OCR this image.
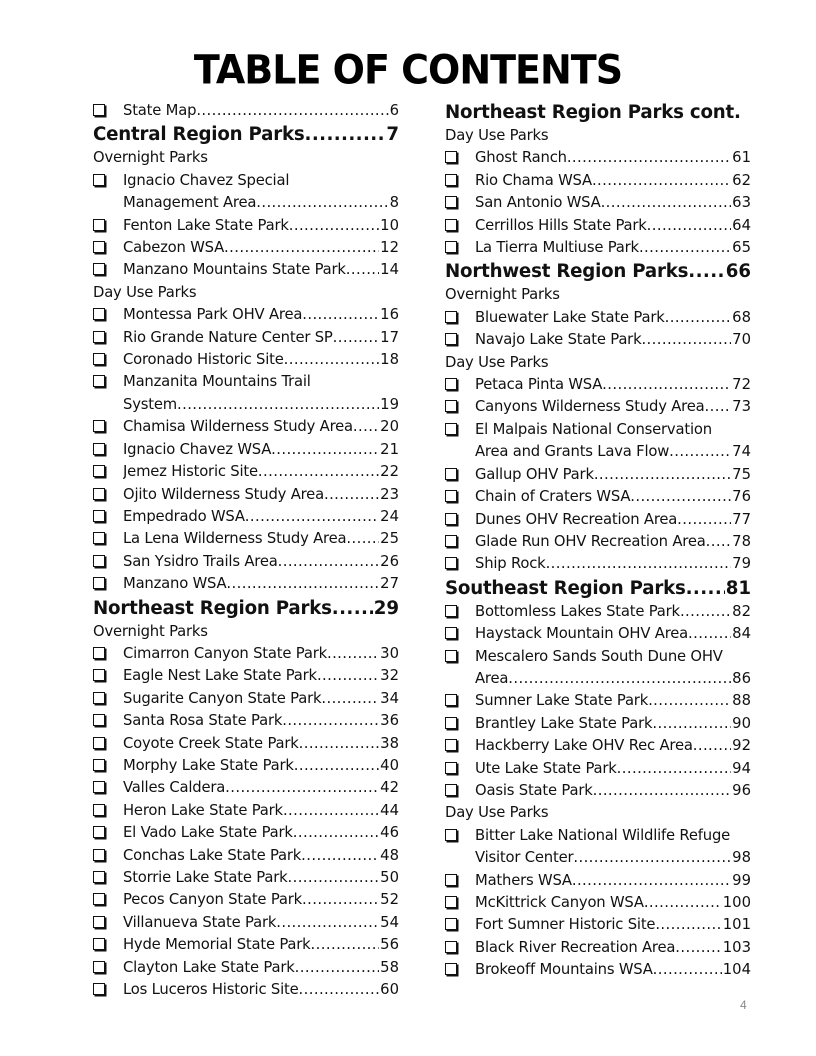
TABLE OF CONTENTS
State Map .....	6
Central Region Parks .....	7
Overnight Parks
Ignacio Chavez Special
Management Area .....	8
Fenton Lake State Park .....	10
Cabezon WSA .....	12
Manzano Mountains State Park .....	14
Day Use Parks
Montessa Park OHV Area .....	16
Rio Grande Nature Center SP .....	17
Coronado Historic Site .....	18
Manzanita Mountains Trail
System .....	19
Chamisa Wilderness Study Area .....	20
Ignacio Chavez WSA .....	21
Jemez Historic Site .....	22
Ojito Wilderness Study Area .....	23
Empedrado WSA .....	24
La Lena Wilderness Study Area .....	25
San Ysidro Trails Area .....	26
Manzano WSA .....	27
Northeast Region Parks .....	29
Overnight Parks
Cimarron Canyon State Park .....	30
Eagle Nest Lake State Park .....	32
Sugarite Canyon State Park .....	34
Santa Rosa State Park .....	36
Coyote Creek State Park .....	38
Morphy Lake State Park .....	40
Valles Caldera .....	42
Heron Lake State Park .....	44
El Vado Lake State Park .....	46
Conchas Lake State Park .....	48
Storrie Lake State Park .....	50
Pecos Canyon State Park .....	52
Villanueva State Park .....	54
Hyde Memorial State Park .....	56
Clayton Lake State Park .....	58
Los Luceros Historic Site .....	60
Northeast Region Parks cont.
Day Use Parks
Ghost Ranch .....	61
Rio Chama WSA .....	62
San Antonio WSA .....	63
Cerrillos Hills State Park .....	64
La Tierra Multiuse Park .....	65
Northwest Region Parks .....	66
Overnight Parks
Bluewater Lake State Park .....	68
Navajo Lake State Park .....	70
Day Use Parks
Petaca Pinta WSA .....	72
Canyons Wilderness Study Area .....	73
El Malpais National Conservation
Area and Grants Lava Flow .....	74
Gallup OHV Park .....	75
Chain of Craters WSA .....	76
Dunes OHV Recreation Area .....	77
Glade Run OHV Recreation Area .....	78
Ship Rock .....	79
Southeast Region Parks .....	81
Bottomless Lakes State Park .....	82
Haystack Mountain OHV Area .....	84
Mescalero Sands South Dune OHV
Area .....	86
Sumner Lake State Park .....	88
Brantley Lake State Park .....	90
Hackberry Lake OHV Rec Area .....	92
Ute Lake State Park .....	94
Oasis State Park .....	96
Day Use Parks
Bitter Lake National Wildlife Refuge
Visitor Center .....	98
Mathers WSA .....	99
McKittrick Canyon WSA .....	100
Fort Sumner Historic Site .....	101
Black River Recreation Area .....	103
Brokeoff Mountains WSA .....	104
4
